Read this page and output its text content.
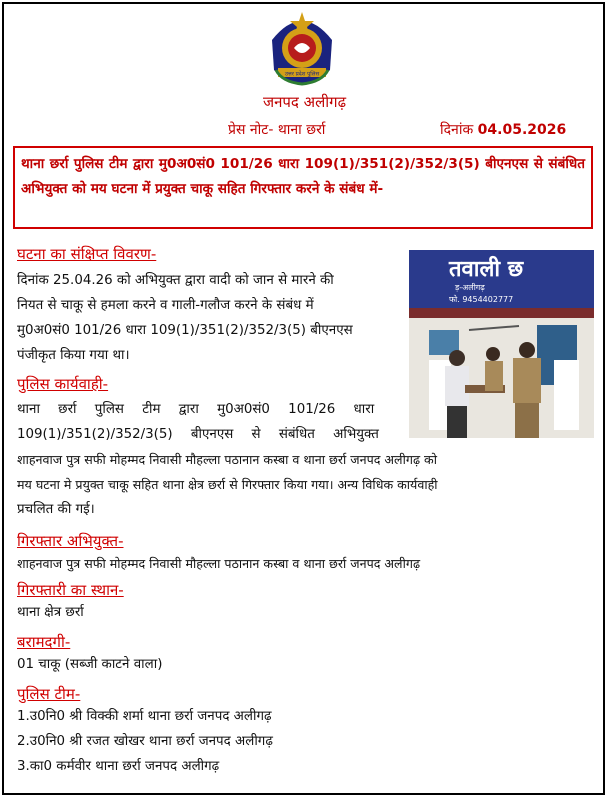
उत्तर प्रदेश पुलिस
जनपद अलीगढ़
प्रेस नोट- थाना छर्रा	दिनांक 04.05.2026
थाना छर्रा पुलिस टीम द्वारा मु0अ0सं0 101/26 धारा 109(1)/351(2)/352/3(5) बीएनएस से संबंधित अभियुक्त को मय घटना में प्रयुक्त चाकू सहित गिरफ्तार करने के संबंध में-
तवाली छ
ड़-अलीगढ़
फो. 9454402777
घटना का संक्षिप्त विवरण-
दिनांक 25.04.26 को अभियुक्त द्वारा वादी को जान से मारने की
नियत से चाकू से हमला करने व गाली-गलौज करने के संबंध में
मु0अ0सं0 101/26 धारा 109(1)/351(2)/352/3(5) बीएनएस
पंजीकृत किया गया था।
पुलिस कार्यवाही-
थाना छर्रा पुलिस टीम द्वारा मु0अ0सं0 101/26 धारा
109(1)/351(2)/352/3(5) बीएनएस से संबंधित अभियुक्त
शाहनवाज पुत्र सफी मोहम्मद निवासी मौहल्ला पठानान कस्बा व थाना छर्रा जनपद अलीगढ़ को
मय घटना मे प्रयुक्त चाकू सहित थाना क्षेत्र छर्रा से गिरफ्तार किया गया। अन्य विधिक कार्यवाही
प्रचलित की गई।
गिरफ्तार अभियुक्त-
शाहनवाज पुत्र सफी मोहम्मद निवासी मौहल्ला पठानान कस्बा व थाना छर्रा जनपद अलीगढ़
गिरफ्तारी का स्थान-
थाना क्षेत्र छर्रा
बरामदगी-
01 चाकू (सब्जी काटने वाला)
पुलिस टीम-
1.उ0नि0 श्री विक्की शर्मा थाना छर्रा जनपद अलीगढ़
2.उ0नि0 श्री रजत खोखर थाना छर्रा जनपद अलीगढ़
3.का0 कर्मवीर थाना छर्रा जनपद अलीगढ़
